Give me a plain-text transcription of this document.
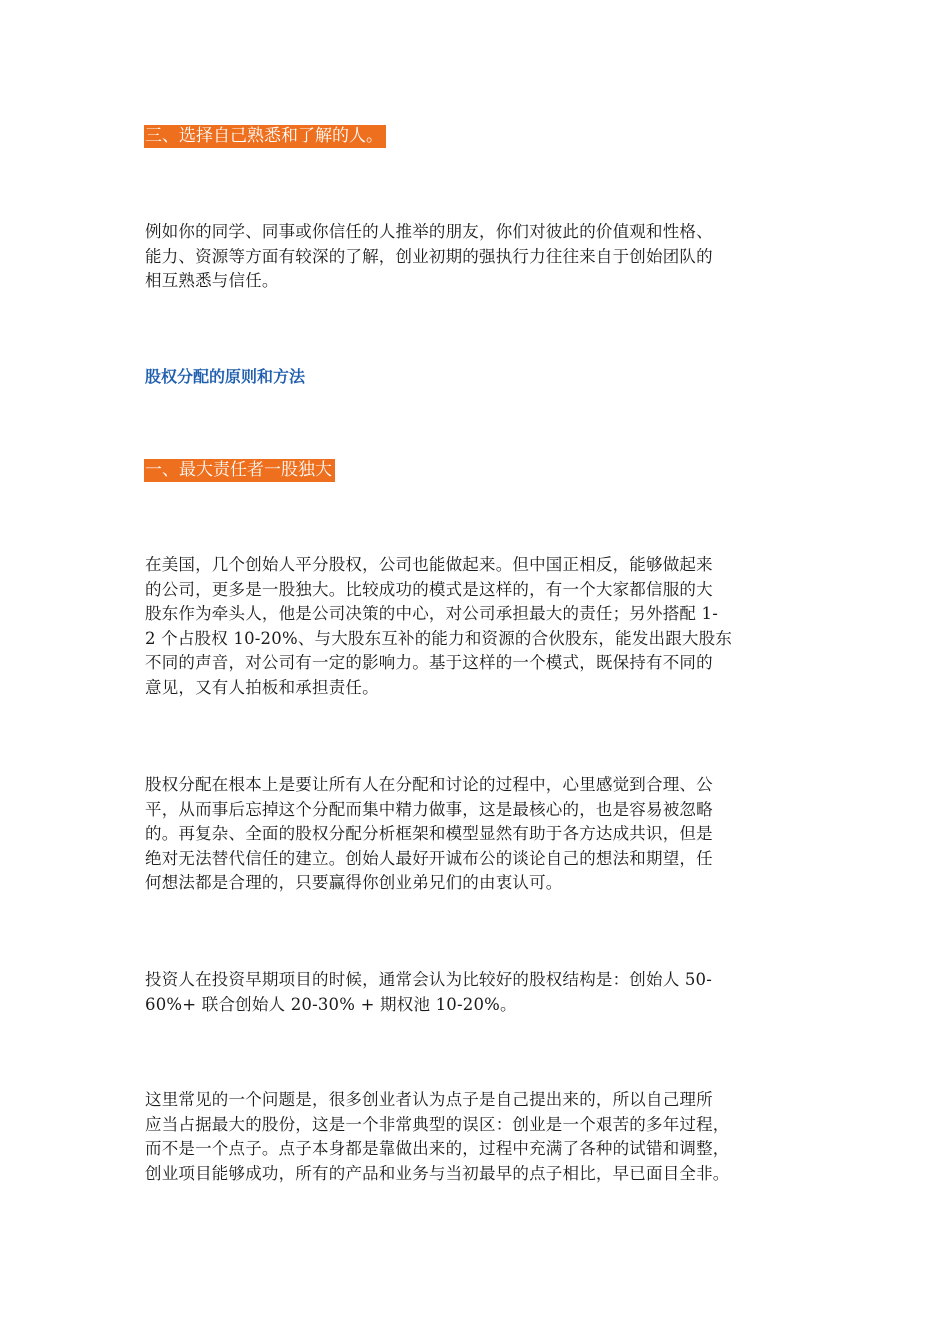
三、选择自己熟悉和了解的人。
例如你的同学、同事或你信任的人推举的朋友，你们对彼此的价值观和性格、
能力、资源等方面有较深的了解，创业初期的强执行力往往来自于创始团队的
相互熟悉与信任。
股权分配的原则和方法
一、最大责任者一股独大
在美国，几个创始人平分股权，公司也能做起来。但中国正相反，能够做起来
的公司，更多是一股独大。比较成功的模式是这样的，有一个大家都信服的大
股东作为牵头人，他是公司决策的中心，对公司承担最大的责任；另外搭配 1-
2 个占股权 10-20%、与大股东互补的能力和资源的合伙股东，能发出跟大股东
不同的声音，对公司有一定的影响力。基于这样的一个模式，既保持有不同的
意见，又有人拍板和承担责任。
股权分配在根本上是要让所有人在分配和讨论的过程中，心里感觉到合理、公
平，从而事后忘掉这个分配而集中精力做事，这是最核心的，也是容易被忽略
的。再复杂、全面的股权分配分析框架和模型显然有助于各方达成共识，但是
绝对无法替代信任的建立。创始人最好开诚布公的谈论自己的想法和期望，任
何想法都是合理的，只要赢得你创业弟兄们的由衷认可。
投资人在投资早期项目的时候，通常会认为比较好的股权结构是：创始人 50-
60%+ 联合创始人 20-30% + 期权池 10-20%。
这里常见的一个问题是，很多创业者认为点子是自己提出来的，所以自己理所
应当占据最大的股份，这是一个非常典型的误区：创业是一个艰苦的多年过程，
而不是一个点子。点子本身都是靠做出来的，过程中充满了各种的试错和调整，
创业项目能够成功，所有的产品和业务与当初最早的点子相比，早已面目全非。
